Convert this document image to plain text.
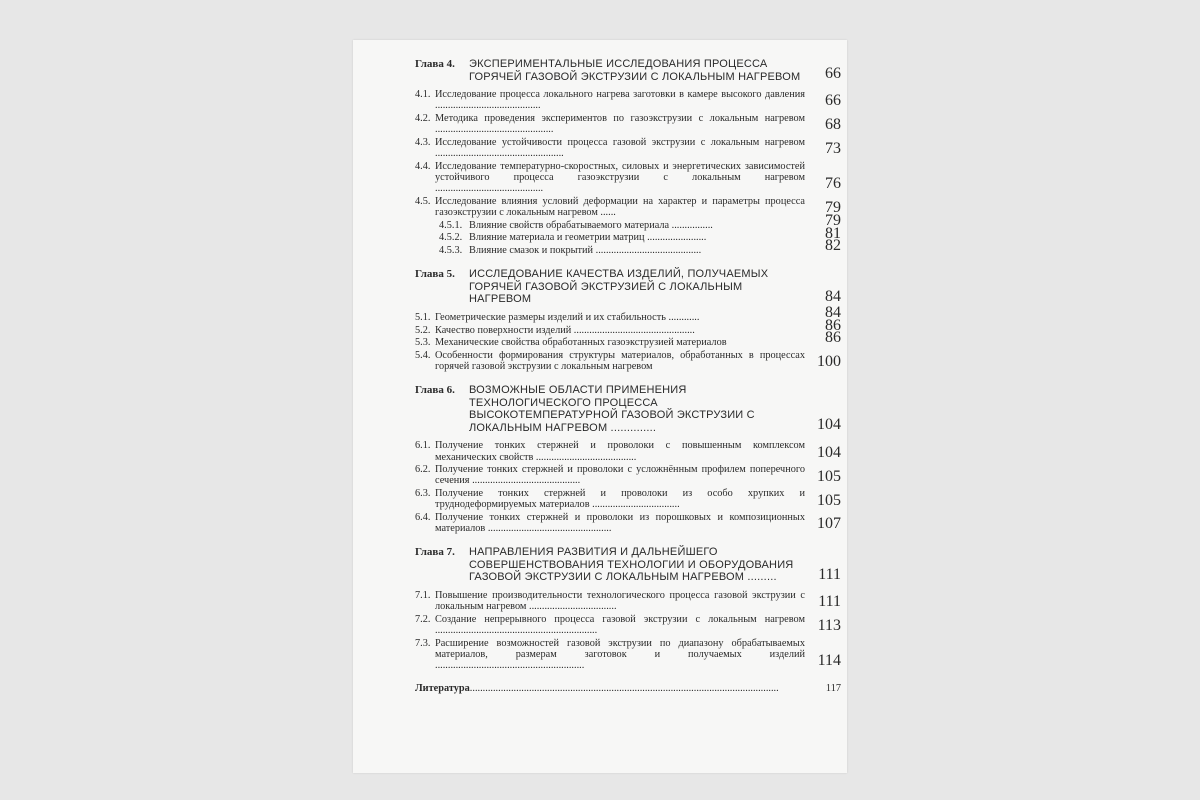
Глава 4.	ЭКСПЕРИМЕНТАЛЬНЫЕ ИССЛЕДОВАНИЯ ПРОЦЕССА ГОРЯЧЕЙ ГАЗОВОЙ ЭКСТРУЗИИ С ЛОКАЛЬНЫМ НАГРЕВОМ	66
4.1. Исследование процесса локального нагрева заготовки в камере высокого давления .........................................	66
4.2. Методика проведения экспериментов по газоэкструзии с локальным нагревом ..............................................	68
4.3. Исследование устойчивости процесса газовой экструзии с локальным нагревом ..................................................	73
4.4. Исследование температурно-скоростных, силовых и энергетических зависимостей устойчивого процесса газоэкструзии с локальным нагревом ..........................................	76
4.5. Исследование влияния условий деформации на характер и параметры процесса газоэкструзии с локальным нагревом ......	79
4.5.1. Влияние свойств обрабатываемого материала ................	79
4.5.2. Влияние материала и геометрии матриц .......................	81
4.5.3. Влияние смазок и покрытий .........................................	82
Глава 5.	ИССЛЕДОВАНИЕ КАЧЕСТВА ИЗДЕЛИЙ, ПОЛУЧАЕМЫХ ГОРЯЧЕЙ ГАЗОВОЙ ЭКСТРУЗИЕЙ С ЛОКАЛЬНЫМ НАГРЕВОМ	84
5.1. Геометрические размеры изделий и их стабильность ............	84
5.2. Качество поверхности изделий ...............................................	86
5.3. Механические свойства обработанных газоэкструзией материалов	86
5.4. Особенности формирования структуры материалов, обработанных в процессах горячей газовой экструзии с локальным нагревом	100
Глава 6.	ВОЗМОЖНЫЕ ОБЛАСТИ ПРИМЕНЕНИЯ ТЕХНОЛОГИЧЕСКОГО ПРОЦЕССА ВЫСОКОТЕМПЕРАТУРНОЙ ГАЗОВОЙ ЭКСТРУЗИИ С ЛОКАЛЬНЫМ НАГРЕВОМ ..............	104
6.1. Получение тонких стержней и проволоки с повышенным комплексом механических свойств .......................................	104
6.2. Получение тонких стержней и проволоки с усложнённым профилем поперечного сечения ..........................................	105
6.3. Получение тонких стержней и проволоки из особо хрупких и труднодеформируемых материалов ..................................	105
6.4. Получение тонких стержней и проволоки из порошковых и композиционных материалов ................................................	107
Глава 7.	НАПРАВЛЕНИЯ РАЗВИТИЯ И ДАЛЬНЕЙШЕГО СОВЕРШЕНСТВОВАНИЯ ТЕХНОЛОГИИ И ОБОРУДОВАНИЯ ГАЗОВОЙ ЭКСТРУЗИИ С ЛОКАЛЬНЫМ НАГРЕВОМ .........	111
7.1. Повышение производительности технологического процесса газовой экструзии с локальным нагревом ..................................	111
7.2. Создание непрерывного процесса газовой экструзии с локальным нагревом ...............................................................	113
7.3. Расширение возможностей газовой экструзии по диапазону обрабатываемых материалов, размерам заготовок и получаемых изделий ..........................................................	114
Литература ........................................................................................................................	117
